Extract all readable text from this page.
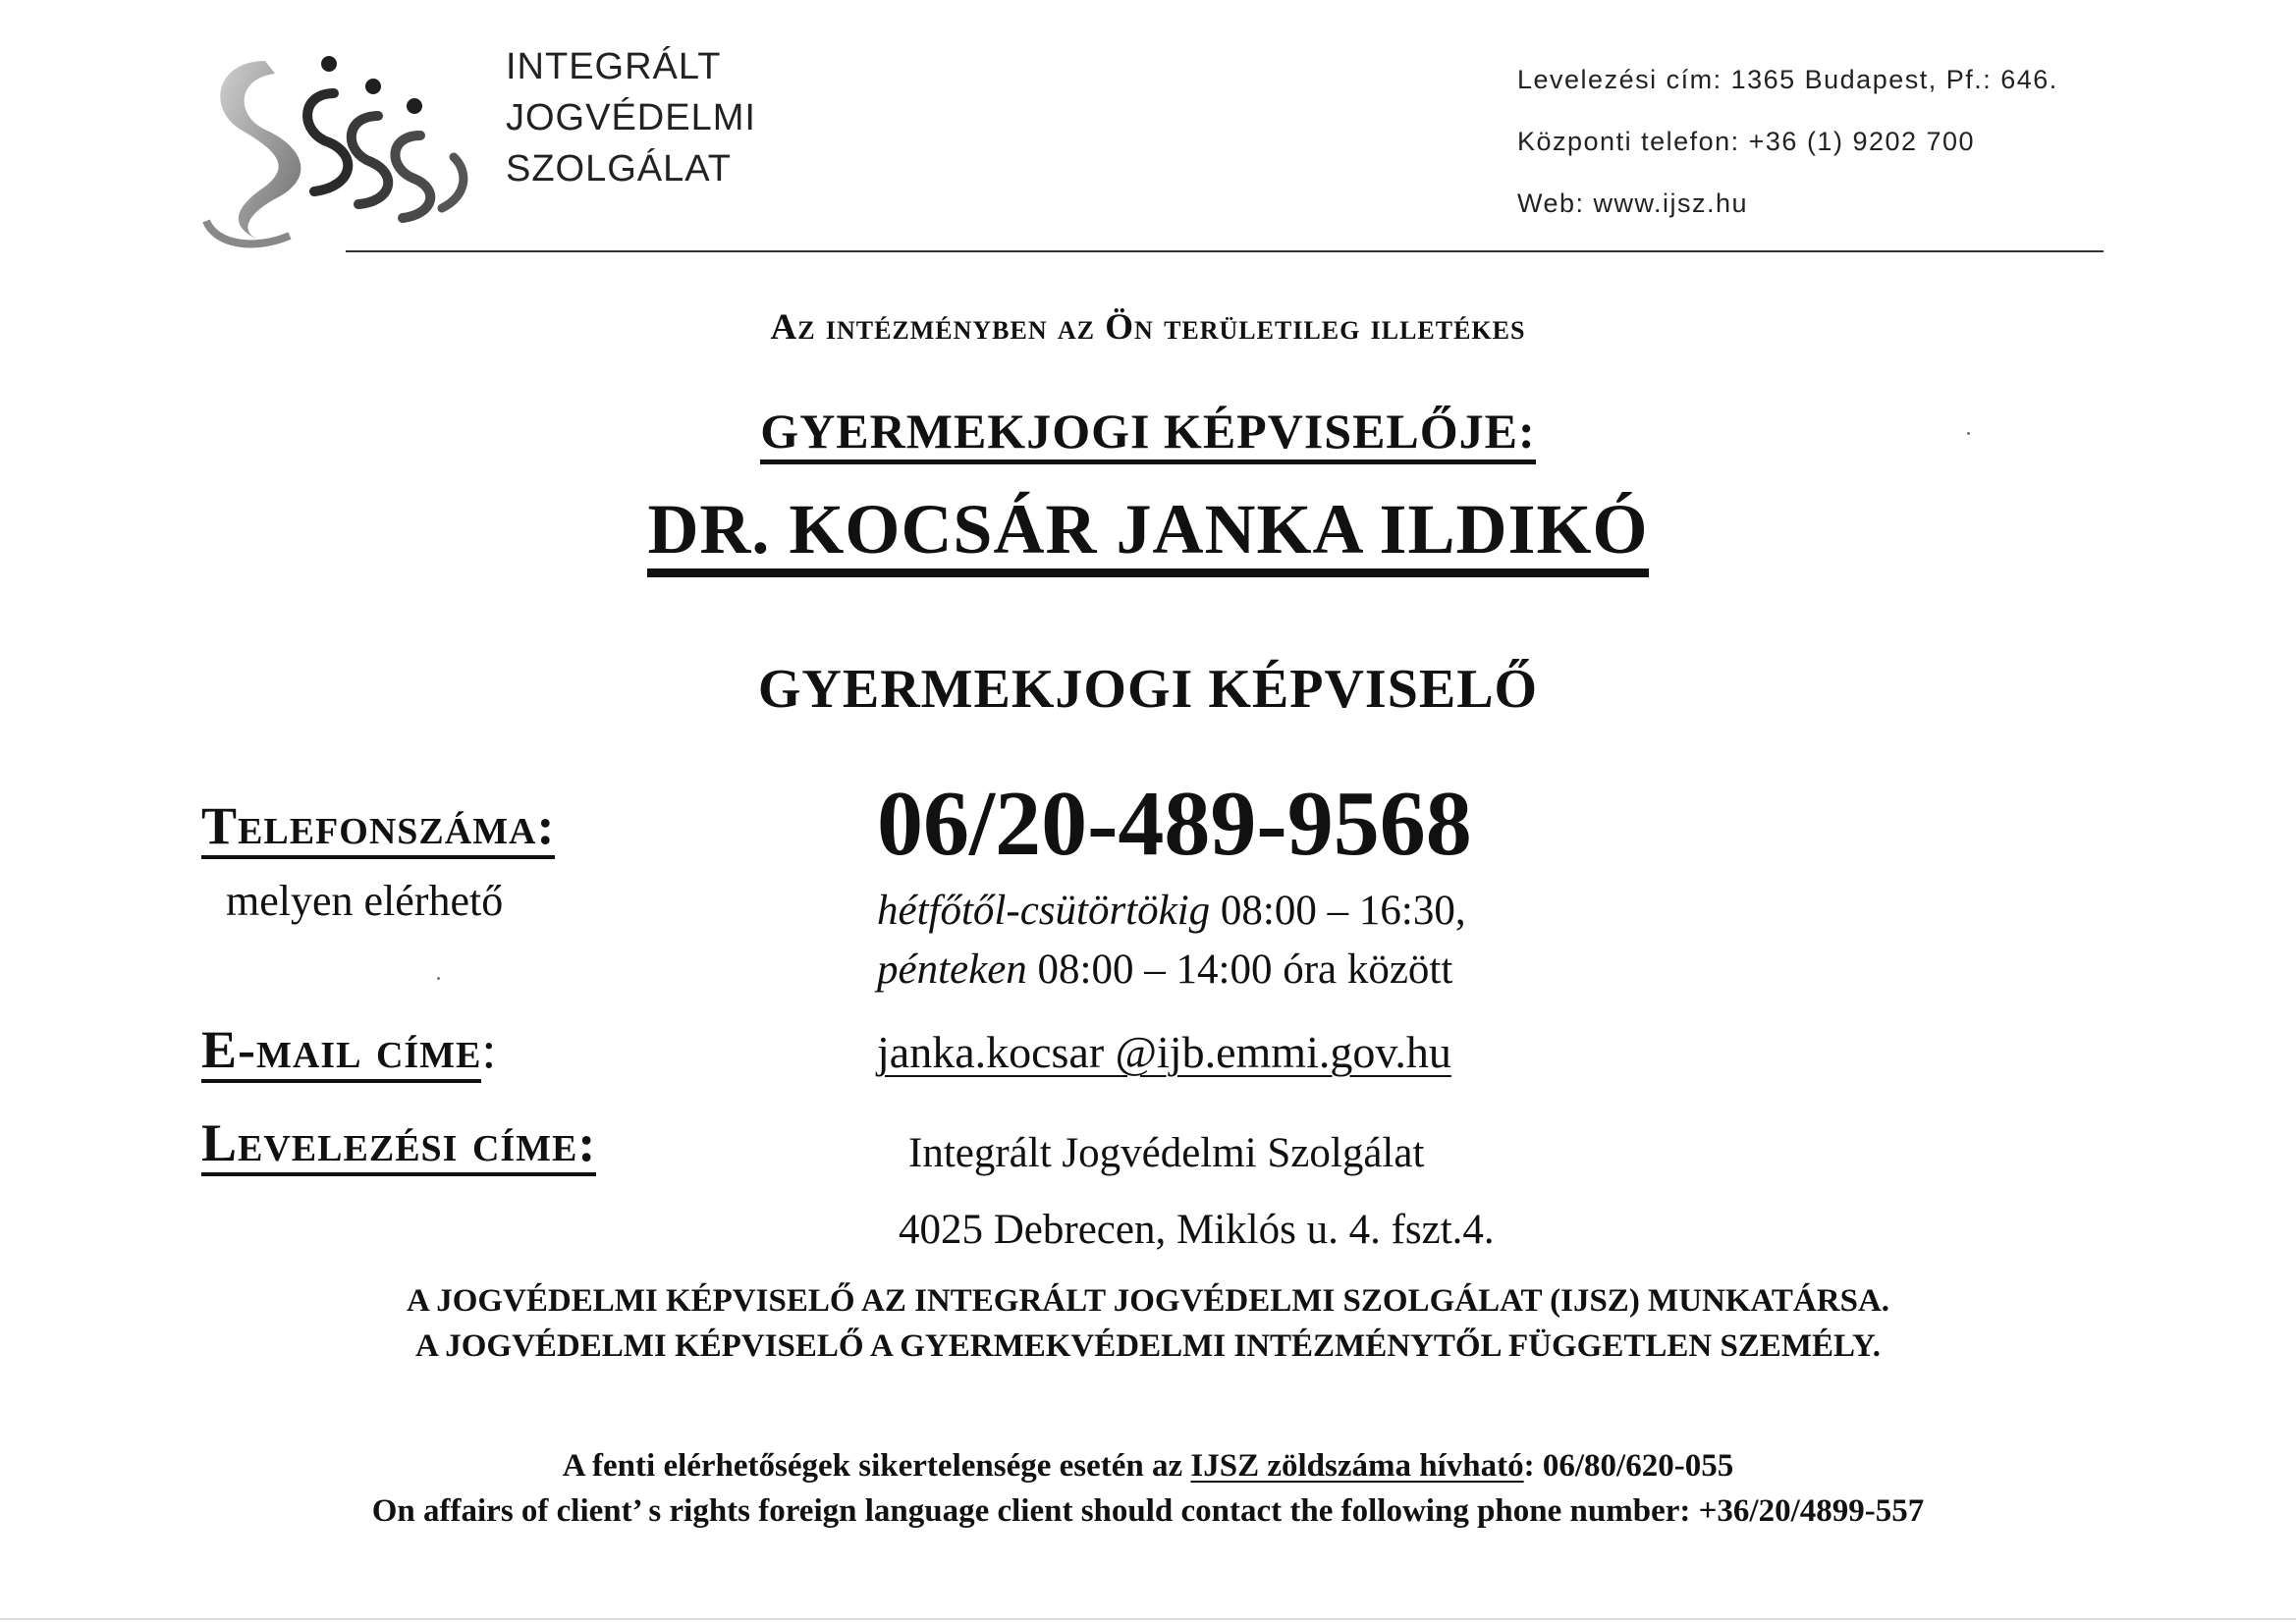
INTEGRÁLT
JOGVÉDELMI
SZOLGÁLAT
Levelezési cím: 1365 Budapest, Pf.: 646.
Központi telefon: +36 (1) 9202 700
Web: www.ijsz.hu
Az intézményben az Ön területileg illetékes
GYERMEKJOGI KÉPVISELŐJE:
DR. KOCSÁR JANKA ILDIKÓ
GYERMEKJOGI KÉPVISELŐ
Telefonszáma:
melyen elérhető
E-mail címe:
Levelezési címe:
06/20-489-9568
hétfőtől-csütörtökig 08:00 – 16:30,
pénteken 08:00 – 14:00 óra között
janka.kocsar @ijb.emmi.gov.hu
Integrált Jogvédelmi Szolgálat
4025 Debrecen, Miklós u. 4. fszt.4.
A JOGVÉDELMI KÉPVISELŐ AZ INTEGRÁLT JOGVÉDELMI SZOLGÁLAT (IJSZ) MUNKATÁRSA.
A JOGVÉDELMI KÉPVISELŐ A GYERMEKVÉDELMI INTÉZMÉNYTŐL FÜGGETLEN SZEMÉLY.
A fenti elérhetőségek sikertelensége esetén az IJSZ zöldszáma hívható: 06/80/620-055
On affairs of client’ s rights foreign language client should contact the following phone number: +36/20/4899-557
